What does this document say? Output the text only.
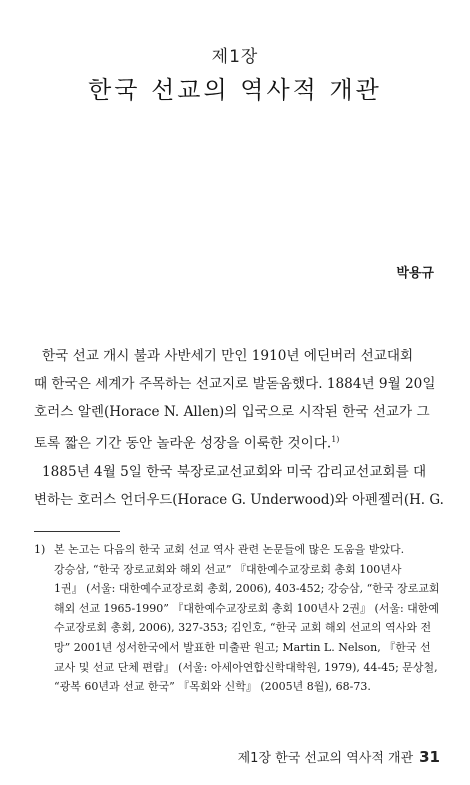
제1장
한국 선교의 역사적 개관
박용규

한국 선교 개시 불과 사반세기 만인 1910년 에딘버러 선교대회
때 한국은 세계가 주목하는 선교지로 발돋움했다. 1884년 9월 20일
호러스 알렌(Horace N. Allen)의 입국으로 시작된 한국 선교가 그
토록 짧은 기간 동안 놀라운 성장을 이룩한 것이다.$^{1)}$

1885년 4월 5일 한국 북장로교선교회와 미국 감리교선교회를 대
변하는 호러스 언더우드(Horace G. Underwood)와 아펜젤러(H. G.

1) 본 논고는 다음의 한국 교회 선교 역사 관련 논문들에 많은 도움을 받았다.
강승삼, “한국 장로교회와 해외 선교” 『대한예수교장로회 총회 100년사
1권』 (서울: 대한예수교장로회 총회, 2006), 403-452; 강승삼, “한국 장로교회
해외 선교 1965-1990” 『대한예수교장로회 총회 100년사 2권』 (서울: 대한예
수교장로회 총회, 2006), 327-353; 김인호, “한국 교회 해외 선교의 역사와 전
망” 2001년 성서한국에서 발표한 미출판 원고; Martin L. Nelson, 『한국 선
교사 및 선교 단체 편람』 (서울: 아세아연합신학대학원, 1979), 44-45; 문상철,
“광복 60년과 선교 한국” 『목회와 신학』 (2005년 8월), 68-73.
제1장 한국 선교의 역사적 개관 31
